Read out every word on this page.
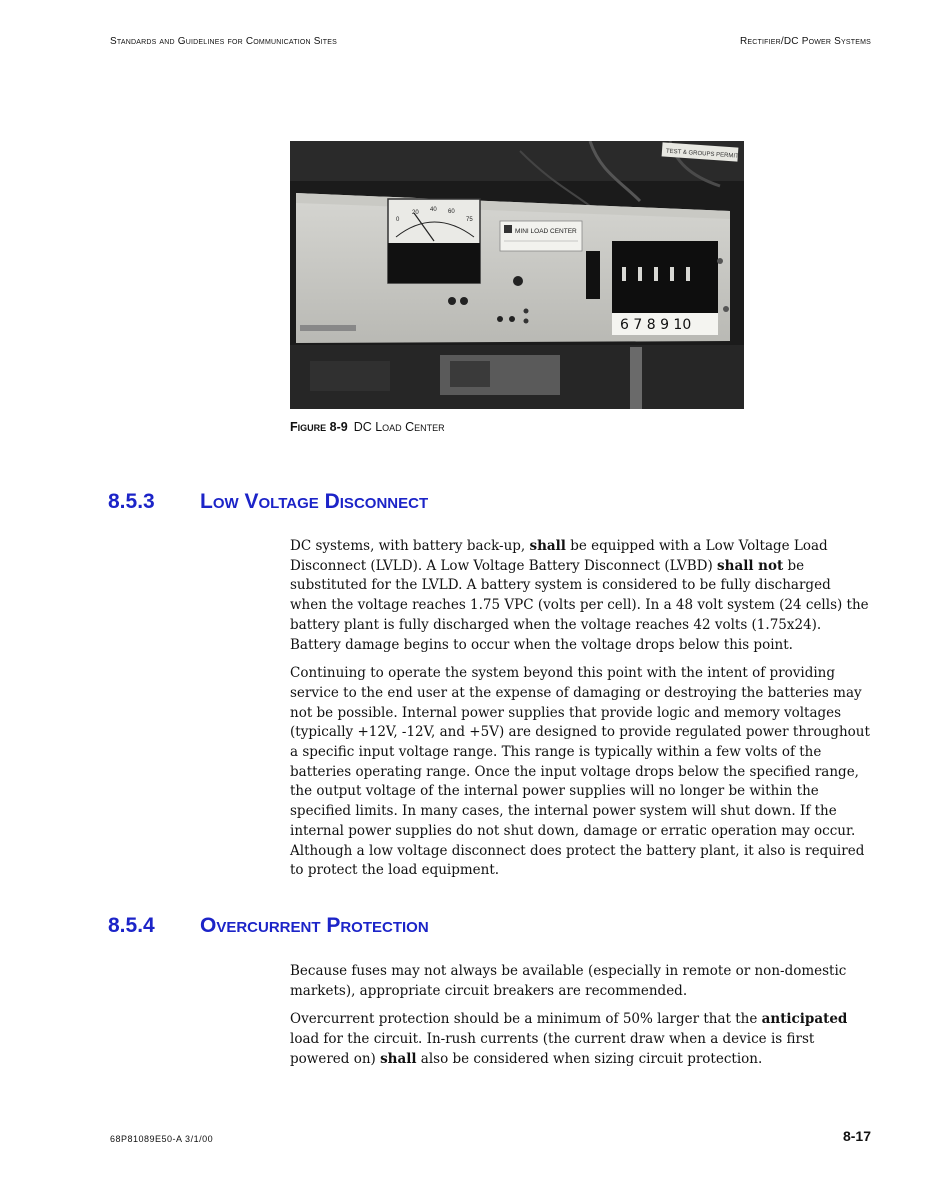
Standards and Guidelines for Communication Sites	Rectifier/DC Power Systems
TEST & GROUPS PERMIT
0
20 40 60
75
MINI LOAD CENTER
6 7 8 9 10
Figure 8-9 DC Load Center
8.5.3	Low Voltage Disconnect

DC systems, with battery back-up, shall be equipped with a Low Voltage Load Disconnect (LVLD). A Low Voltage Battery Disconnect (LVBD) shall not be substituted for the LVLD. A battery system is considered to be fully discharged when the voltage reaches 1.75 VPC (volts per cell). In a 48 volt system (24 cells) the battery plant is fully discharged when the voltage reaches 42 volts (1.75x24). Battery damage begins to occur when the voltage drops below this point.

Continuing to operate the system beyond this point with the intent of providing service to the end user at the expense of damaging or destroying the batteries may not be possible. Internal power supplies that provide logic and memory voltages (typically +12V, -12V, and +5V) are designed to provide regulated power throughout a specific input voltage range. This range is typically within a few volts of the batteries operating range. Once the input voltage drops below the specified range, the output voltage of the internal power supplies will no longer be within the specified limits. In many cases, the internal power system will shut down. If the internal power supplies do not shut down, damage or erratic operation may occur. Although a low voltage disconnect does protect the battery plant, it also is required to protect the load equipment.

8.5.4	Overcurrent Protection

Because fuses may not always be available (especially in remote or non-domestic markets), appropriate circuit breakers are recommended.

Overcurrent protection should be a minimum of 50% larger that the anticipated load for the circuit. In-rush currents (the current draw when a device is first powered on) shall also be considered when sizing circuit protection.

68P81089E50-A 3/1/00	8-17
